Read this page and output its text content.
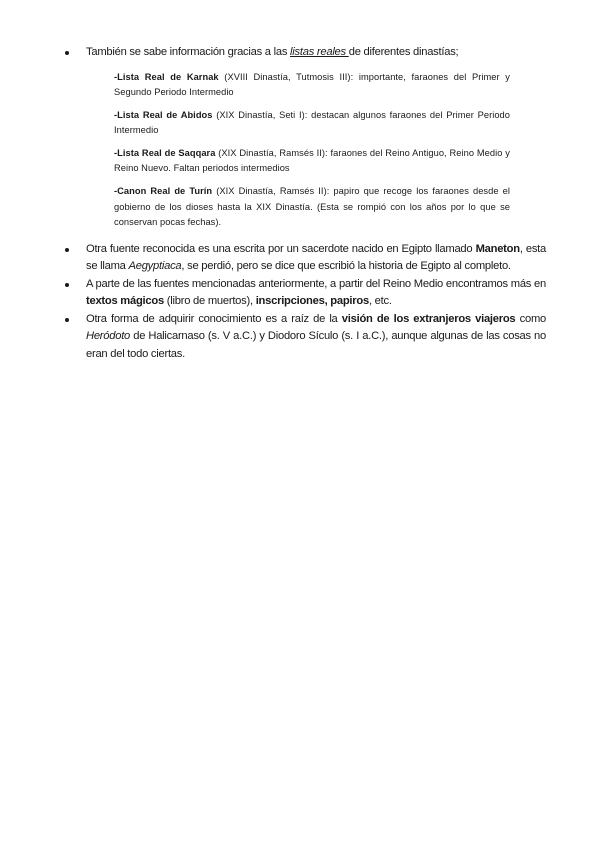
También se sabe información gracias a las listas reales de diferentes dinastías;
-Lista Real de Karnak (XVIII Dinastía, Tutmosis III): importante, faraones del Primer y Segundo Periodo Intermedio
-Lista Real de Abidos (XIX Dinastía, Seti I): destacan algunos faraones del Primer Periodo Intermedio
-Lista Real de Saqqara (XIX Dinastía, Ramsés II): faraones del Reino Antiguo, Reino Medio y Reino Nuevo. Faltan periodos intermedios
-Canon Real de Turín (XIX Dinastía, Ramsés II): papiro que recoge los faraones desde el gobierno de los dioses hasta la XIX Dinastía. (Esta se rompió con los años por lo que se conservan pocas fechas).
Otra fuente reconocida es una escrita por un sacerdote nacido en Egipto llamado Maneton, esta se llama Aegyptiaca, se perdió, pero se dice que escribió la historia de Egipto al completo.
A parte de las fuentes mencionadas anteriormente, a partir del Reino Medio encontramos más en textos mágicos (libro de muertos), inscripciones, papiros, etc.
Otra forma de adquirir conocimiento es a raíz de la visión de los extranjeros viajeros como Heródoto de Halicarnaso (s. V a.C.) y Diodoro Sículo (s. I a.C.), aunque algunas de las cosas no eran del todo ciertas.
